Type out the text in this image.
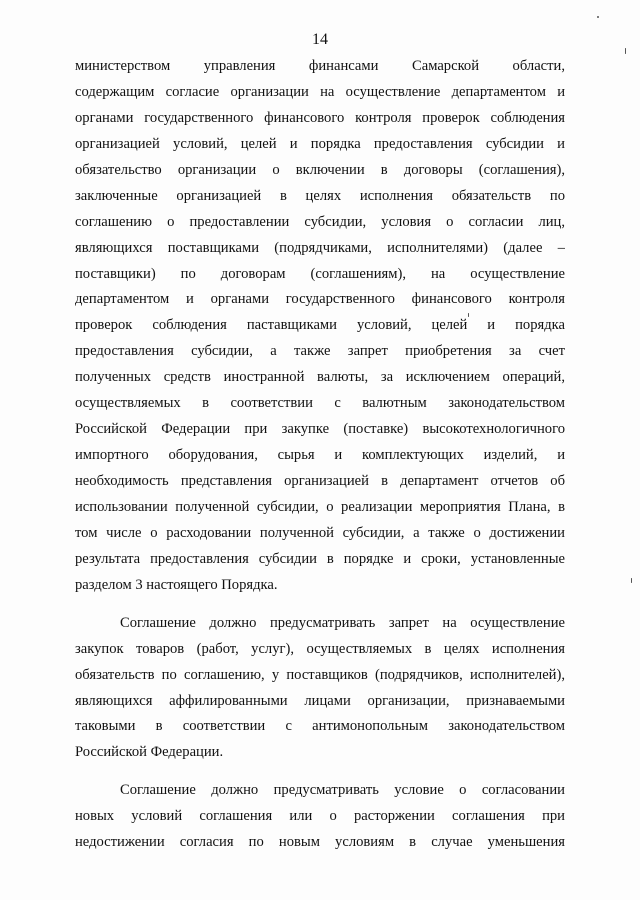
14
министерством управления финансами Самарской области,
содержащим согласие организации на осуществление департаментом и
органами государственного финансового контроля проверок соблюдения
организацией условий, целей и порядка предоставления субсидии и
обязательство организации о включении в договоры (соглашения),
заключенные организацией в целях исполнения обязательств по
соглашению о предоставлении субсидии, условия о согласии лиц,
являющихся поставщиками (подрядчиками, исполнителями) (далее –
поставщики) по договорам (соглашениям), на осуществление
департаментом и органами государственного финансового контроля
проверок соблюдения паставщиками условий, целей и порядка
предоставления субсидии, а также запрет приобретения за счет
полученных средств иностранной валюты, за исключением операций,
осуществляемых в соответствии с валютным законодательством
Российской Федерации при закупке (поставке) высокотехнологичного
импортного оборудования, сырья и комплектующих изделий, и
необходимость представления организацией в департамент отчетов об
использовании полученной субсидии, о реализации мероприятия Плана, в
том числе о расходовании полученной субсидии, а также о достижении
результата предоставления субсидии в порядке и сроки, установленные
разделом 3 настоящего Порядка.
Соглашение должно предусматривать запрет на осуществление
закупок товаров (работ, услуг), осуществляемых в целях исполнения
обязательств по соглашению, у поставщиков (подрядчиков, исполнителей),
являющихся аффилированными лицами организации, признаваемыми
таковыми в соответствии с антимонопольным законодательством
Российской Федерации.
Соглашение должно предусматривать условие о согласовании
новых условий соглашения или о расторжении соглашения при
недостижении согласия по новым условиям в случае уменьшения
